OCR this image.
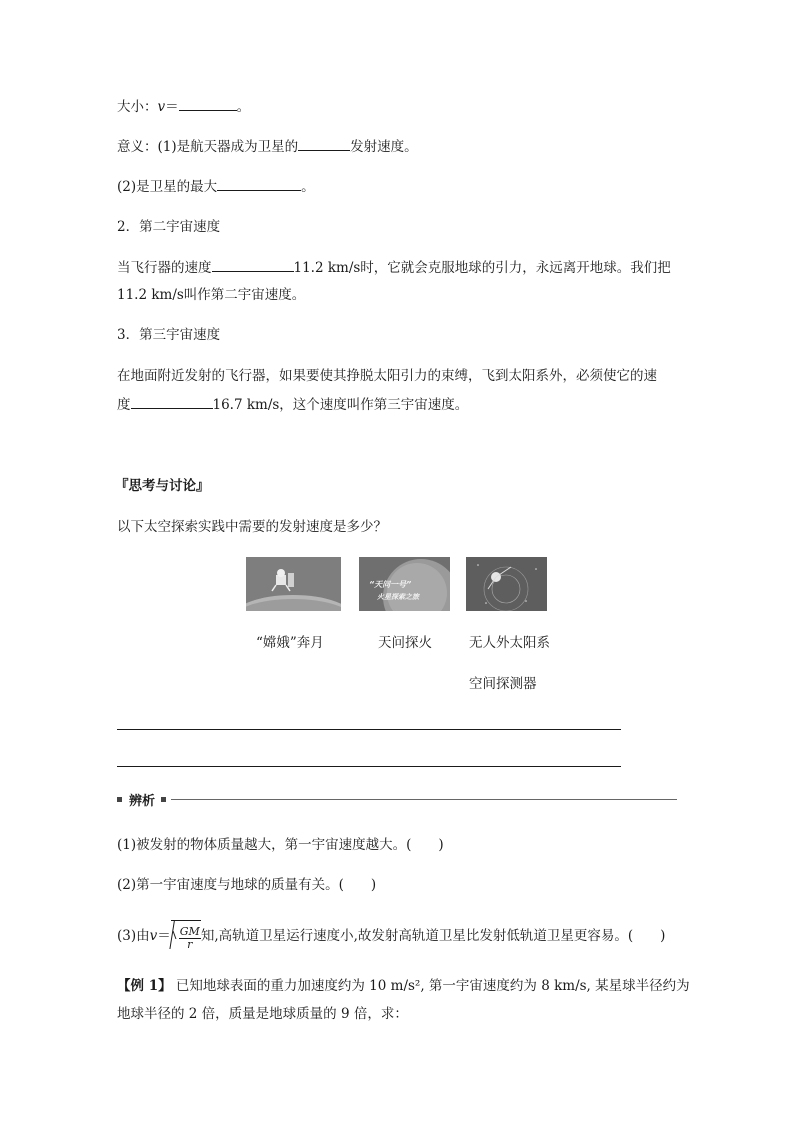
大小：v＝	。
意义：(1)是航天器成为卫星的	发射速度。
(2)是卫星的最大	。
2．第二宇宙速度
当飞行器的速度	11.2 km/s时，它就会克服地球的引力，永远离开地球。我们把
11.2 km/s叫作第二宇宙速度。
3．第三宇宙速度
在地面附近发射的飞行器，如果要使其挣脱太阳引力的束缚，飞到太阳系外，必须使它的速
度	16.7 km/s，这个速度叫作第三宇宙速度。
『思考与讨论』
以下太空探索实践中需要的发射速度是多少？
“天问一号”
火星探索之旅
“嫦娥”奔月	天问探火	无人外太阳系
空间探测器
辨析
(1)被发射的物体质量越大，第一宇宙速度越大。(　　)
(2)第一宇宙速度与地球的质量有关。(　　)
(3)由$v= \frac{GM}{r}$ 知,高轨道卫星运行速度小,故发射高轨道卫星比发射低轨道卫星更容易。(　　)
【例 1】 已知地球表面的重力加速度约为 10 m/s², 第一宇宙速度约为 8 km/s, 某星球半径约为
地球半径的 2 倍，质量是地球质量的 9 倍，求：
